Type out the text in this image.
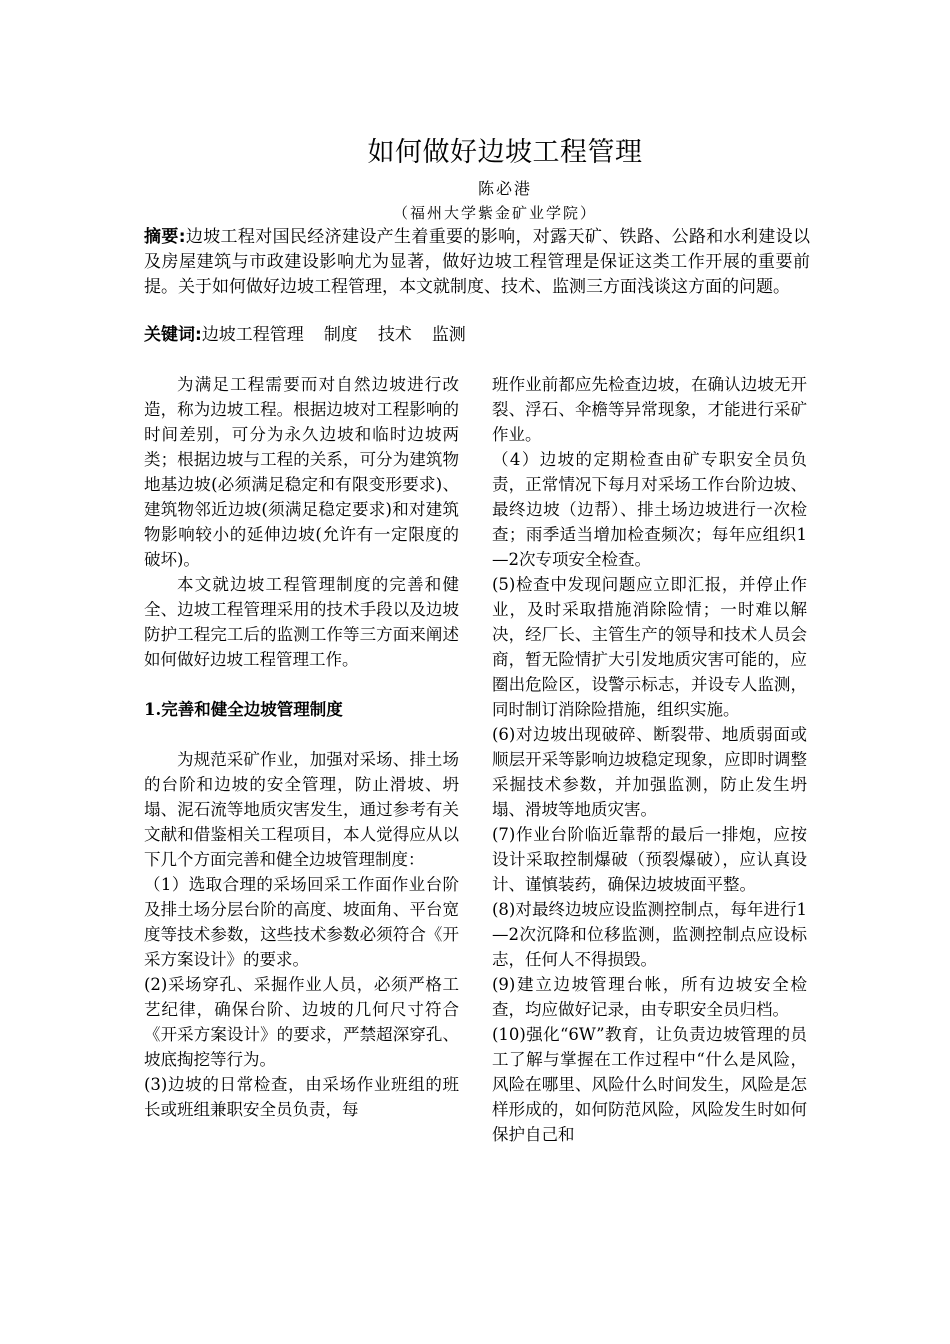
如何做好边坡工程管理
陈必港
（福州大学紫金矿业学院）

摘要:边坡工程对国民经济建设产生着重要的影响，对露天矿、铁路、公路和水利建设以及房屋建筑与市政建设影响尤为显著，做好边坡工程管理是保证这类工作开展的重要前提。关于如何做好边坡工程管理，本文就制度、技术、监测三方面浅谈这方面的问题。

关键词:边坡工程管理 制度 技术 监测

为满足工程需要而对自然边坡进行改造，称为边坡工程。根据边坡对工程影响的时间差别，可分为永久边坡和临时边坡两类；根据边坡与工程的关系，可分为建筑物地基边坡(必须满足稳定和有限变形要求)、建筑物邻近边坡(须满足稳定要求)和对建筑物影响较小的延伸边坡(允许有一定限度的破坏)。

本文就边坡工程管理制度的完善和健全、边坡工程管理采用的技术手段以及边坡防护工程完工后的监测工作等三方面来阐述如何做好边坡工程管理工作。

1.完善和健全边坡管理制度

为规范采矿作业，加强对采场、排土场的台阶和边坡的安全管理，防止滑坡、坍塌、泥石流等地质灾害发生，通过参考有关文献和借鉴相关工程项目，本人觉得应从以下几个方面完善和健全边坡管理制度：

（1）选取合理的采场回采工作面作业台阶及排土场分层台阶的高度、坡面角、平台宽度等技术参数，这些技术参数必须符合《开采方案设计》的要求。

(2)采场穿孔、采掘作业人员，必须严格工艺纪律，确保台阶、边坡的几何尺寸符合《开采方案设计》的要求，严禁超深穿孔、坡底掏挖等行为。

(3)边坡的日常检查，由采场作业班组的班长或班组兼职安全员负责，每

班作业前都应先检查边坡，在确认边坡无开裂、浮石、伞檐等异常现象，才能进行采矿作业。

（4）边坡的定期检查由矿专职安全员负责，正常情况下每月对采场工作台阶边坡、最终边坡（边帮）、排土场边坡进行一次检查；雨季适当增加检查频次；每年应组织1—2次专项安全检查。

(5)检查中发现问题应立即汇报，并停止作业，及时采取措施消除险情；一时难以解决，经厂长、主管生产的领导和技术人员会商，暂无险情扩大引发地质灾害可能的，应圈出危险区，设警示标志，并设专人监测，同时制订消除险措施，组织实施。

(6)对边坡出现破碎、断裂带、地质弱面或顺层开采等影响边坡稳定现象，应即时调整采掘技术参数，并加强监测，防止发生坍塌、滑坡等地质灾害。

(7)作业台阶临近靠帮的最后一排炮，应按设计采取控制爆破（预裂爆破），应认真设计、谨慎装药，确保边坡坡面平整。

(8)对最终边坡应设监测控制点，每年进行1—2次沉降和位移监测，监测控制点应设标志，任何人不得损毁。

(9)建立边坡管理台帐，所有边坡安全检查，均应做好记录，由专职安全员归档。

(10)强化“6W”教育，让负责边坡管理的员工了解与掌握在工作过程中“什么是风险，风险在哪里、风险什么时间发生，风险是怎样形成的，如何防范风险，风险发生时如何保护自己和
